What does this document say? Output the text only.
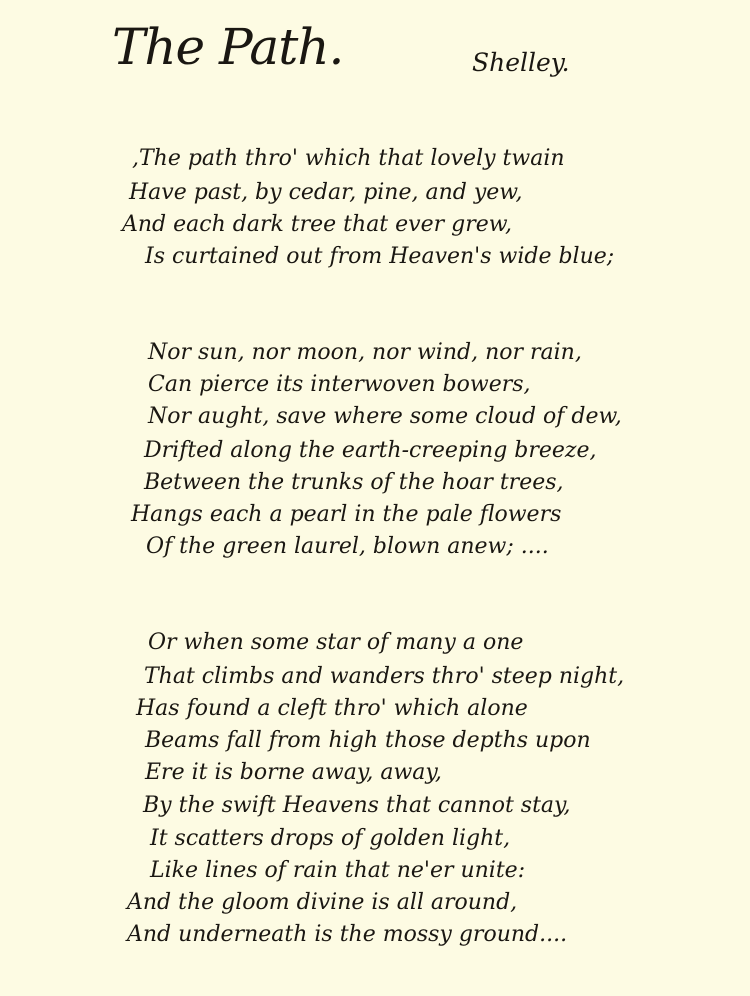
The Path.	Shelley.
,The path thro' which that lovely twain
Have past, by cedar, pine, and yew,
And each dark tree that ever grew,
Is curtained out from Heaven's wide blue;
Nor sun, nor moon, nor wind, nor rain,
Can pierce its interwoven bowers,
Nor aught, save where some cloud of dew,
Drifted along the earth-creeping breeze,
Between the trunks of the hoar trees,
Hangs each a pearl in the pale flowers
Of the green laurel, blown anew; ....
Or when some star of many a one
That climbs and wanders thro' steep night,
Has found a cleft thro' which alone
Beams fall from high those depths upon
Ere it is borne away, away,
By the swift Heavens that cannot stay,
It scatters drops of golden light,
Like lines of rain that ne'er unite:
And the gloom divine is all around,
And underneath is the mossy ground....
